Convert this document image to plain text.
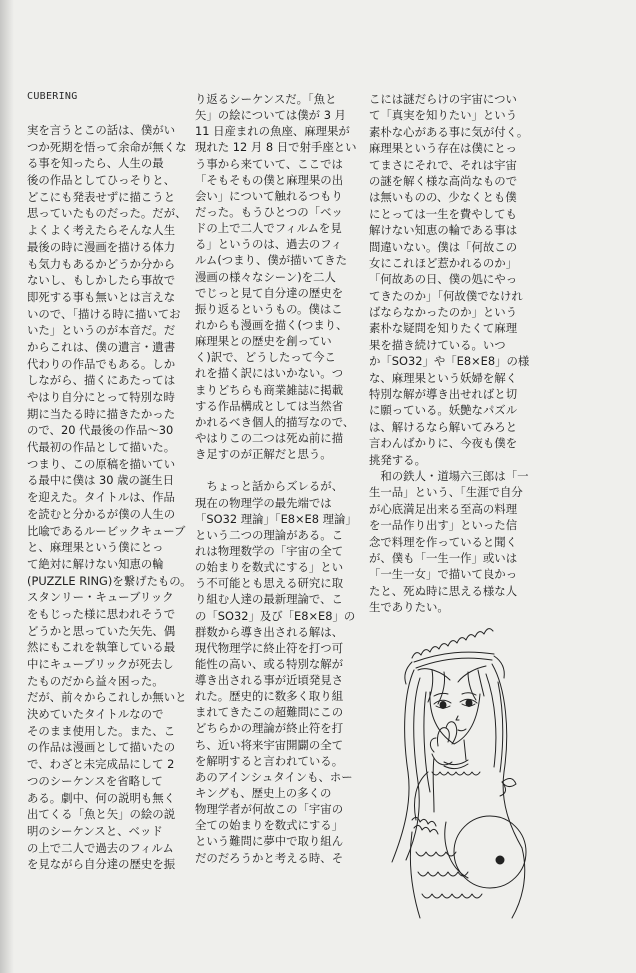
CUBERING
実を言うとこの話は、僕がい
つか死期を悟って余命が無くな
る事を知ったら、人生の最
後の作品としてひっそりと、
どこにも発表せずに描こうと
思っていたものだった。だが、
よくよく考えたらそんな人生
最後の時に漫画を描ける体力
も気力もあるかどうか分から
ないし、もしかしたら事故で
即死する事も無いとは言えな
いので、「描ける時に描いてお
いた」というのが本音だ。だ
からこれは、僕の遺言・遺書
代わりの作品でもある。しか
しながら、描くにあたっては
やはり自分にとって特別な時
期に当たる時に描きたかった
ので、20 代最後の作品～30
代最初の作品として描いた。
つまり、この原稿を描いてい
る最中に僕は 30 歳の誕生日
を迎えた。タイトルは、作品
を読むと分かるが僕の人生の
比喩であるルービックキューブ
と、麻理果という僕にとっ
て絶対に解けない知恵の輪
(PUZZLE RING)を繋げたもの。
スタンリー・キューブリック
をもじった様に思われそうで
どうかと思っていた矢先、偶
然にもこれを執筆している最
中にキューブリックが死去し
たものだから益々困った。
だが、前々からこれしか無いと
決めていたタイトルなので
そのまま使用した。また、こ
の作品は漫画として描いたの
で、わざと未完成品にして 2
つのシーケンスを省略して
ある。劇中、何の説明も無く
出てくる「魚と矢」の絵の説
明のシーケンスと、ベッド
の上で二人で過去のフィルム
を見ながら自分達の歴史を振
り返るシーケンスだ。「魚と
矢」の絵については僕が 3 月
11 日産まれの魚座、麻理果が
現れた 12 月 8 日で射手座とい
う事から来ていて、ここでは
「そもそもの僕と麻理果の出
会い」について触れるつもり
だった。もうひとつの「ベッ
ドの上で二人でフィルムを見
る」というのは、過去のフィ
ルム(つまり、僕が描いてきた
漫画の様々なシーン)を二人
でじっと見て自分達の歴史を
振り返るというもの。僕はこ
れからも漫画を描く(つまり、
麻理果との歴史を創ってい
く)訳で、どうしたって今こ
れを描く訳にはいかない。つ
まりどちらも商業雑誌に掲載
する作品構成としては当然省
かれるべき個人的描写なので、
やはりこの二つは死ぬ前に描
き足すのが正解だと思う。
　ちょっと話からズレるが、
現在の物理学の最先端では
「SO32 理論」「E8×E8 理論」
という二つの理論がある。こ
れは物理数学の「宇宙の全て
の始まりを数式にする」とい
う不可能とも思える研究に取
り組む人達の最新理論で、こ
の「SO32」及び「E8×E8」の
群数から導き出される解は、
現代物理学に終止符を打つ可
能性の高い、或る特別な解が
導き出される事が近頃発見さ
れた。歴史的に数多く取り組
まれてきたこの超難問にこの
どちらかの理論が終止符を打
ち、近い将来宇宙開闢の全て
を解明すると言われている。
あのアインシュタインも、ホー
キングも、歴史上の多くの
物理学者が何故この「宇宙の
全ての始まりを数式にする」
という難問に夢中で取り組ん
だのだろうかと考える時、そ
こには謎だらけの宇宙につい
て「真実を知りたい」という
素朴な心がある事に気が付く。
麻理果という存在は僕にとっ
てまさにそれで、それは宇宙
の謎を解く様な高尚なもので
は無いものの、少なくとも僕
にとっては一生を費やしても
解けない知恵の輪である事は
間違いない。僕は「何故この
女にこれほど惹かれるのか」
「何故あの日、僕の処にやっ
てきたのか」「何故僕でなけれ
ばならなかったのか」という
素朴な疑問を知りたくて麻理
果を描き続けている。いつ
か「SO32」や「E8×E8」の様
な、麻理果という妖婦を解く
特別な解が導き出せればと切
に願っている。妖艶なパズル
は、解けるなら解いてみろと
言わんばかりに、今夜も僕を
挑発する。
　和の鉄人・道場六三郎は「一
生一品」という、「生涯で自分
が心底満足出来る至高の料理
を一品作り出す」といった信
念で料理を作っていると聞く
が、僕も「一生一作」或いは
「一生一女」で描いて良かっ
たと、死ぬ時に思える様な人
生でありたい。
